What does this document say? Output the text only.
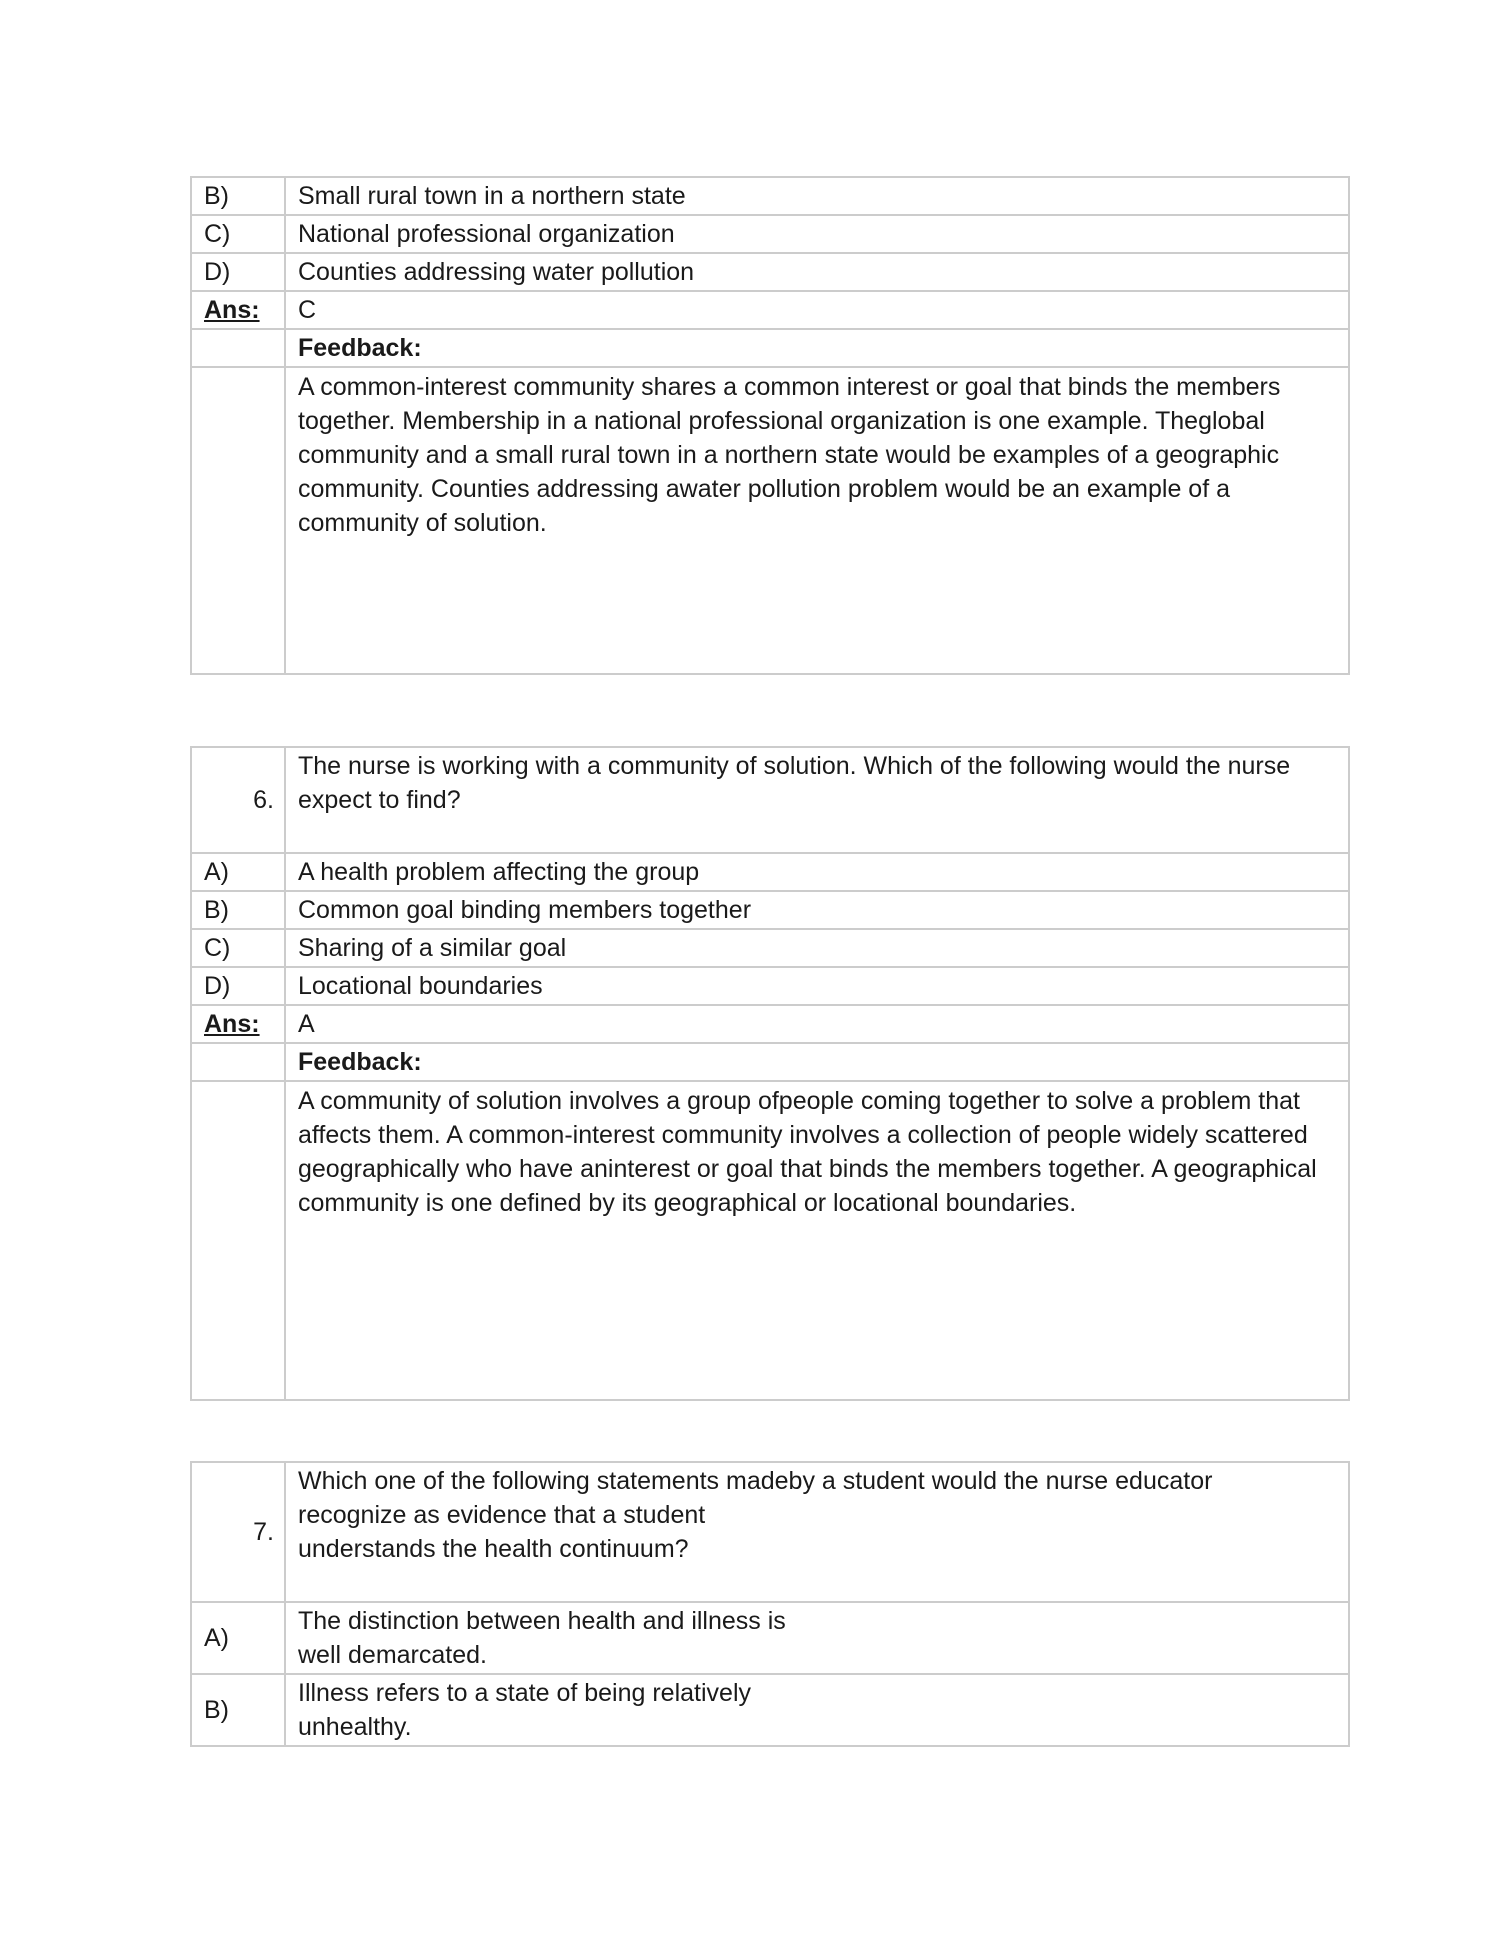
B)	Small rural town in a northern state
C)	National professional organization
D)	Counties addressing water pollution
Ans:	C
	Feedback:
	A common-interest community shares a common interest or goal that binds the members together. Membership in a national professional organization is one example. Theglobal community and a small rural town in a northern state would be examples of a geographic community. Counties addressing awater pollution problem would be an example of a community of solution.
6.	The nurse is working with a community of solution. Which of the following would the nurse expect to find?
A)	A health problem affecting the group
B)	Common goal binding members together
C)	Sharing of a similar goal
D)	Locational boundaries
Ans:	A
	Feedback:
	A community of solution involves a group ofpeople coming together to solve a problem that affects them. A common-interest community involves a collection of people widely scattered geographically who have aninterest or goal that binds the members together. A geographical community is one defined by its geographical or locational boundaries.
7.	Which one of the following statements madeby a student would the nurse educator
recognize as evidence that a student
understands the health continuum?

A)	The distinction between health and illness is
well demarcated.

B)	Illness refers to a state of being relatively
unhealthy.
